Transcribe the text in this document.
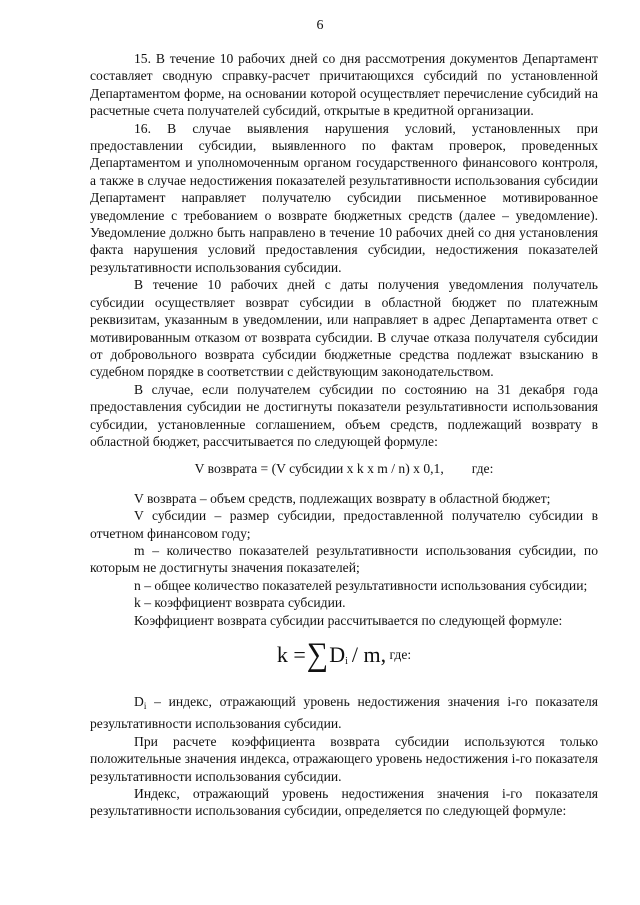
6

15. В течение 10 рабочих дней со дня рассмотрения документов Департамент составляет сводную справку-расчет причитающихся субсидий по установленной Департаментом форме, на основании которой осуществляет перечисление субсидий на расчетные счета получателей субсидий, открытые в кредитной организации.

16. В случае выявления нарушения условий, установленных при предоставлении субсидии, выявленного по фактам проверок, проведенных Департаментом и уполномоченным органом государственного финансового контроля, а также в случае недостижения показателей результативности использования субсидии Департамент направляет получателю субсидии письменное мотивированное уведомление с требованием о возврате бюджетных средств (далее – уведомление). Уведомление должно быть направлено в течение 10 рабочих дней со дня установления факта нарушения условий предоставления субсидии, недостижения показателей результативности использования субсидии.

В течение 10 рабочих дней с даты получения уведомления получатель субсидии осуществляет возврат субсидии в областной бюджет по платежным реквизитам, указанным в уведомлении, или направляет в адрес Департамента ответ с мотивированным отказом от возврата субсидии. В случае отказа получателя субсидии от добровольного возврата субсидии бюджетные средства подлежат взысканию в судебном порядке в соответствии с действующим законодательством.

В случае, если получателем субсидии по состоянию на 31 декабря года предоставления субсидии не достигнуты показатели результативности использования субсидии, установленные соглашением, объем средств, подлежащий возврату в областной бюджет, рассчитывается по следующей формуле:

V возврата = (V субсидии x k x m / n) x 0,1, где:

V возврата – объем средств, подлежащих возврату в областной бюджет;

V субсидии – размер субсидии, предоставленной получателю субсидии в отчетном финансовом году;

m – количество показателей результативности использования субсидии, по которым не достигнуты значения показателей;

n – общее количество показателей результативности использования субсидии;

k – коэффициент возврата субсидии.

Коэффициент возврата субсидии рассчитывается по следующей формуле:

$k =\sum D_i / m$, где:

$D_i$ – индекс, отражающий уровень недостижения значения i-го показателя результативности использования субсидии.

При расчете коэффициента возврата субсидии используются только положительные значения индекса, отражающего уровень недостижения i-го показателя результативности использования субсидии.

Индекс, отражающий уровень недостижения значения i-го показателя результативности использования субсидии, определяется по следующей формуле:
